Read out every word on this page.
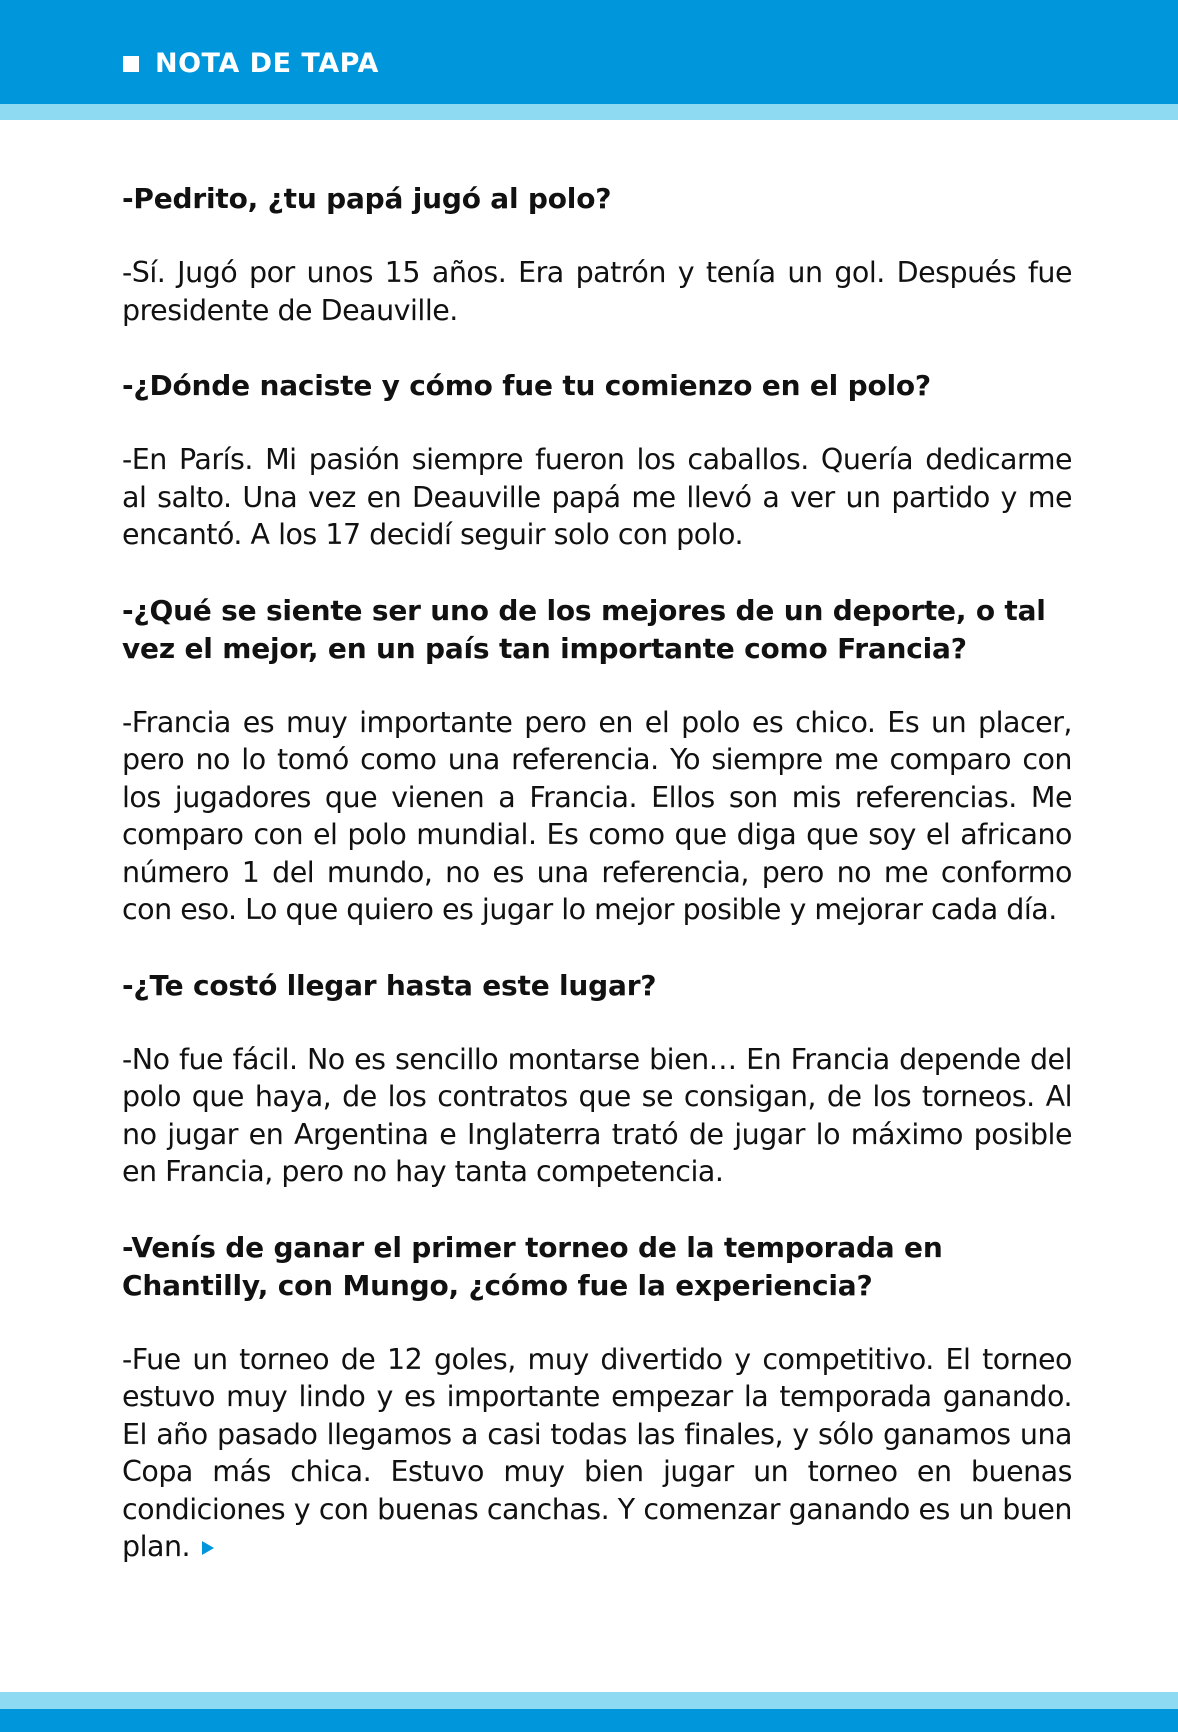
NOTA DE TAPA

-Pedrito, ¿tu papá jugó al polo?

-Sí. Jugó por unos 15 años. Era patrón y tenía un gol. Después fue presidente de Deauville.

-¿Dónde naciste y cómo fue tu comienzo en el polo?

-En París. Mi pasión siempre fueron los caballos. Quería dedicarme al salto. Una vez en Deauville papá me llevó a ver un partido y me encantó. A los 17 decidí seguir solo con polo.

-¿Qué se siente ser uno de los mejores de un deporte, o tal vez el mejor, en un país tan importante como Francia?

-Francia es muy importante pero en el polo es chico. Es un placer, pero no lo tomó como una referencia. Yo siempre me comparo con los jugadores que vienen a Francia. Ellos son mis referencias. Me comparo con el polo mundial. Es como que diga que soy el africano número 1 del mundo, no es una referencia, pero no me conformo con eso. Lo que quiero es jugar lo mejor posible y mejorar cada día.

-¿Te costó llegar hasta este lugar?

-No fue fácil. No es sencillo montarse bien… En Francia depende del polo que haya, de los contratos que se consigan, de los torneos. Al no jugar en Argentina e Inglaterra trató de jugar lo máximo posible en Francia, pero no hay tanta competencia.

-Venís de ganar el primer torneo de la temporada en Chantilly, con Mungo, ¿cómo fue la experiencia?

-Fue un torneo de 12 goles, muy divertido y competitivo. El torneo estuvo muy lindo y es importante empezar la temporada ganando. El año pasado llegamos a casi todas las finales, y sólo ganamos una Copa más chica. Estuvo muy bien jugar un torneo en buenas condiciones y con buenas canchas. Y comenzar ganando es un buen plan.
